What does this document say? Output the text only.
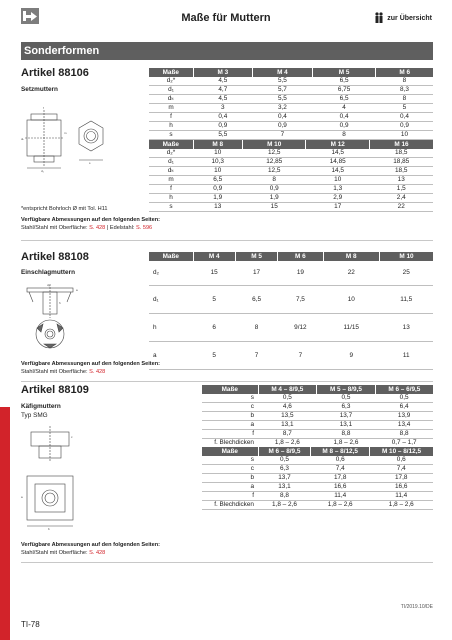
Maße für Muttern	zur Übersicht
Sonderformen
Artikel 88106
Setzmuttern
f
dₖ
m
d₁
s
*entspricht Bohrloch Ø mit Tol. H11
Verfügbare Abmessungen auf den folgenden Seiten:
Stahl/Stahl mit Oberfläche: S. 428 | Edelstahl: S. 596
Maße	M 3	M 4	M 5	M 6
d₂*	4,5	5,5	6,5	8
d₁	4,7	5,7	6,75	8,3
dₖ	4,5	5,5	6,5	8
m	3	3,2	4	5
f	0,4	0,4	0,4	0,4
h	0,9	0,9	0,9	0,9
s	5,5	7	8	10
Maße	M 8	M 10	M 12	M 16
d₂*	10	12,5	14,5	18,5
d₁	10,3	12,85	14,85	18,85
dₖ	10	12,5	14,5	18,5
m	6,5	8	10	13
f	0,9	0,9	1,3	1,5
h	1,9	1,9	2,9	2,4
s	13	15	17	22
Artikel 88108
Einschlagmuttern
a
h
d₂
Maße	M 4	M 5	M 6	M 8	M 10
d₂	15	17	19	22	25
d₁	5	6,5	7,5	10	11,5
h	6	8	9/12	11/15	13
a	5	7	7	9	11
Verfügbare Abmessungen auf den folgenden Seiten:
Stahl/Stahl mit Oberfläche: S. 428
Artikel 88109
Käfigmuttern
Typ SMG
c
a
b
Maße	M 4 – 8/9,5	M 5 – 8/9,5	M 6 – 6/9,5
s	0,5	0,5	0,5
c	4,6	6,3	6,4
b	13,5	13,7	13,9
a	13,1	13,1	13,4
f	8,7	8,8	8,8
f. Blechdicken	1,8 – 2,6	1,8 – 2,6	0,7 – 1,7
Maße	M 6 – 8/9,5	M 8 – 8/12,5	M 10 – 8/12,5
s	0,5	0,6	0,6
c	6,3	7,4	7,4
b	13,7	17,8	17,8
a	13,1	16,6	16,6
f	8,8	11,4	11,4
f. Blechdicken	1,8 – 2,6	1,8 – 2,6	1,8 – 2,6
Verfügbare Abmessungen auf den folgenden Seiten:
Stahl/Stahl mit Oberfläche: S. 428
TI/2019.10/DE
TI-78
